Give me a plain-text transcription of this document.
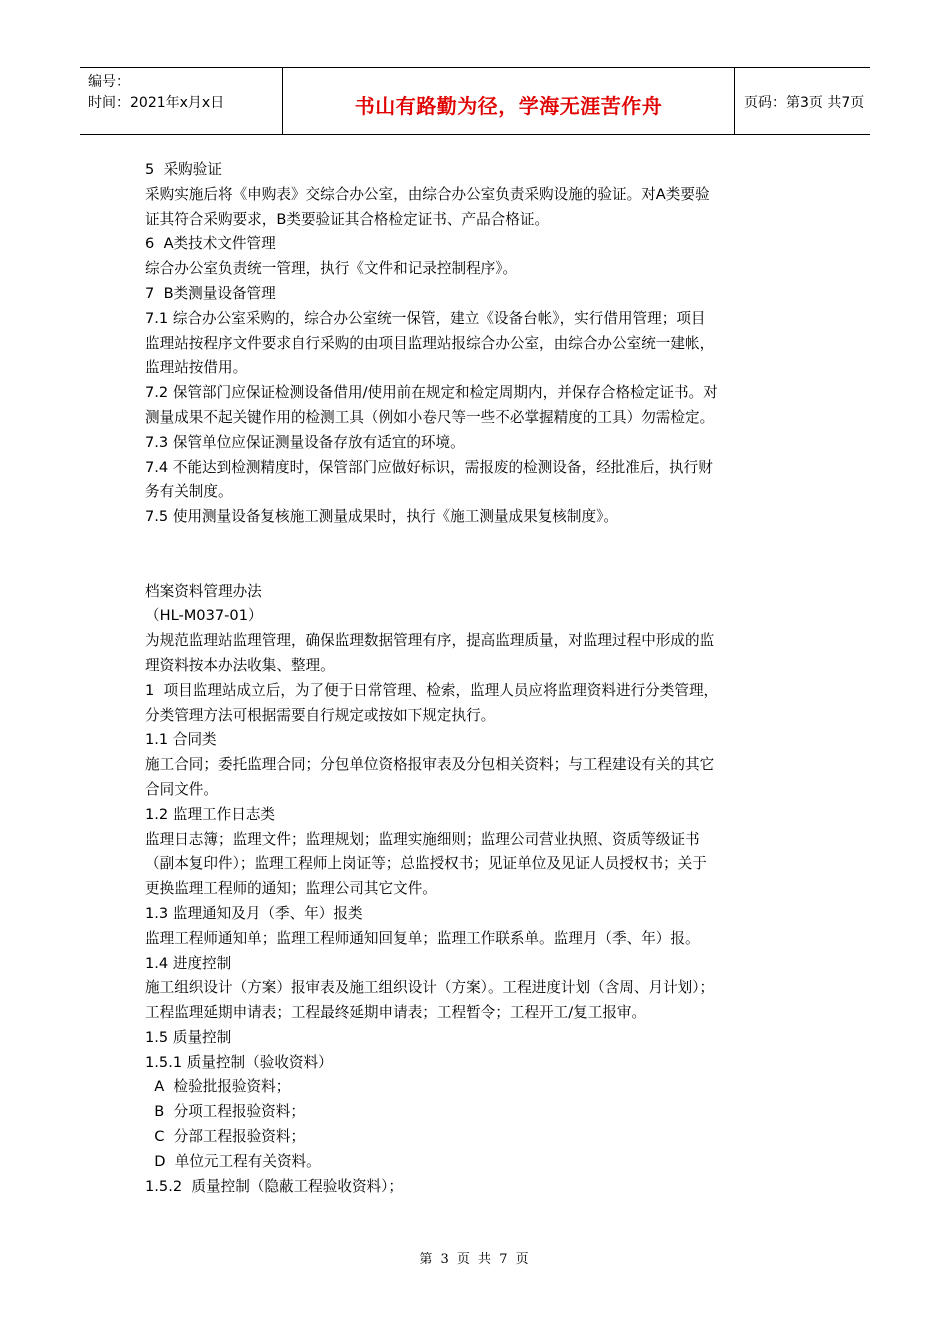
编号：
时间：2021年x月x日	书山有路勤为径，学海无涯苦作舟	页码：第3页 共7页
5  采购验证
采购实施后将《申购表》交综合办公室，由综合办公室负责采购设施的验证。对A类要验
证其符合采购要求，B类要验证其合格检定证书、产品合格证。
6  A类技术文件管理
综合办公室负责统一管理，执行《文件和记录控制程序》。
7  B类测量设备管理
7.1 综合办公室采购的，综合办公室统一保管，建立《设备台帐》，实行借用管理；项目
监理站按程序文件要求自行采购的由项目监理站报综合办公室，由综合办公室统一建帐，
监理站按借用。
7.2 保管部门应保证检测设备借用/使用前在规定和检定周期内，并保存合格检定证书。对
测量成果不起关键作用的检测工具（例如小卷尺等一些不必掌握精度的工具）勿需检定。
7.3 保管单位应保证测量设备存放有适宜的环境。
7.4 不能达到检测精度时，保管部门应做好标识，需报废的检测设备，经批准后，执行财
务有关制度。
7.5 使用测量设备复核施工测量成果时，执行《施工测量成果复核制度》。
档案资料管理办法
（HL-M037-01）
为规范监理站监理管理，确保监理数据管理有序，提高监理质量，对监理过程中形成的监
理资料按本办法收集、整理。
1  项目监理站成立后，为了便于日常管理、检索，监理人员应将监理资料进行分类管理，
分类管理方法可根据需要自行规定或按如下规定执行。
1.1 合同类
施工合同；委托监理合同；分包单位资格报审表及分包相关资料；与工程建设有关的其它
合同文件。
1.2 监理工作日志类
监理日志簿；监理文件；监理规划；监理实施细则；监理公司营业执照、资质等级证书
（副本复印件）；监理工程师上岗证等；总监授权书；见证单位及见证人员授权书；关于
更换监理工程师的通知；监理公司其它文件。
1.3 监理通知及月（季、年）报类
监理工程师通知单；监理工程师通知回复单；监理工作联系单。监理月（季、年）报。
1.4 进度控制
施工组织设计（方案）报审表及施工组织设计（方案）。工程进度计划（含周、月计划）；
工程监理延期申请表；工程最终延期申请表；工程暂令；工程开工/复工报审。
1.5 质量控制
1.5.1 质量控制（验收资料）
A  检验批报验资料；
B  分项工程报验资料；
C  分部工程报验资料；
D  单位元工程有关资料。
1.5.2  质量控制（隐蔽工程验收资料）；
第 3 页 共 7 页
